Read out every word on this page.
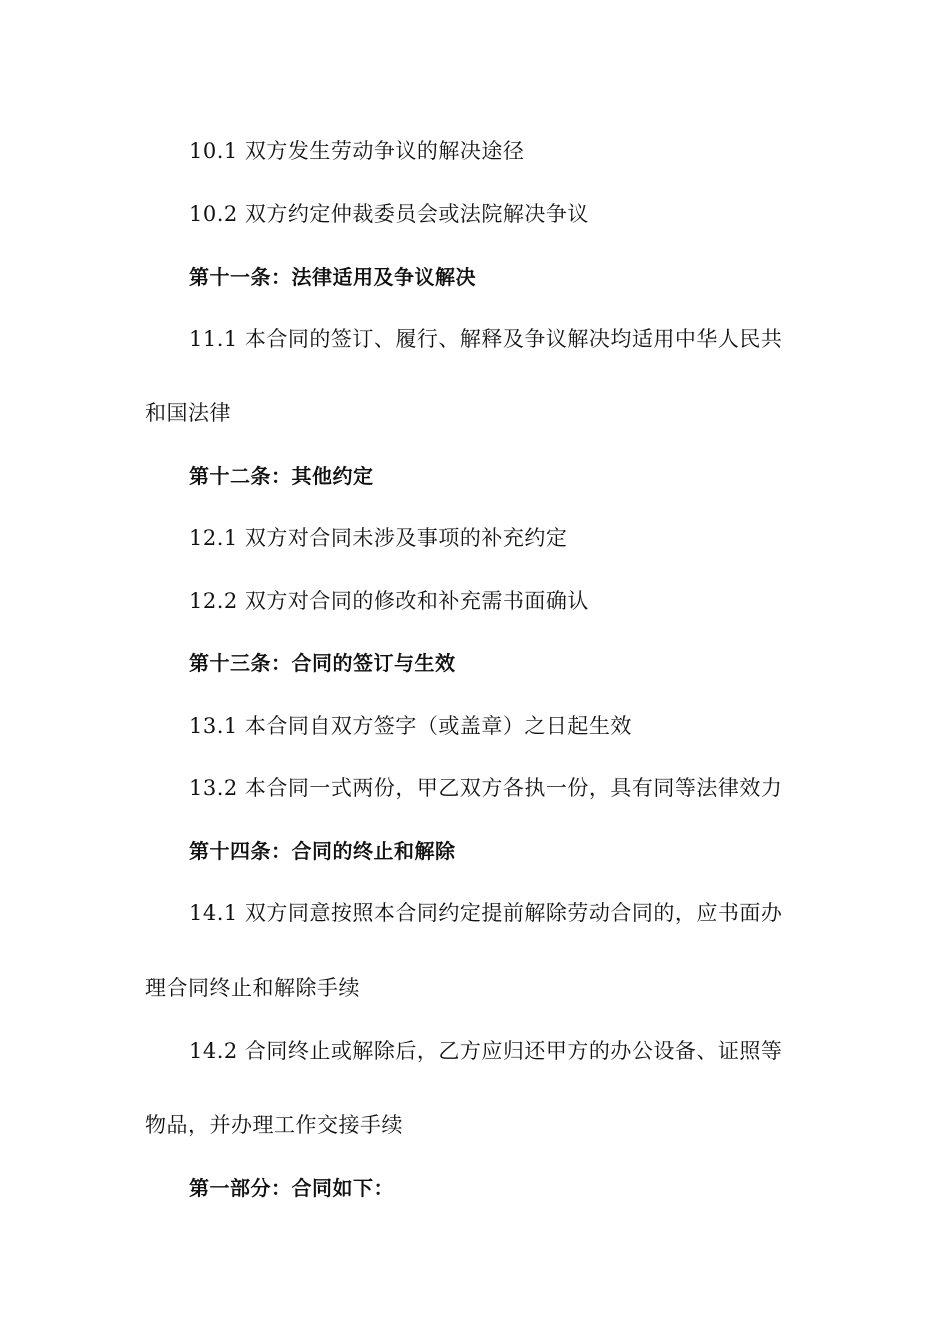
10.1 双方发生劳动争议的解决途径
10.2 双方约定仲裁委员会或法院解决争议
第十一条：法律适用及争议解决
11.1 本合同的签订、履行、解释及争议解决均适用中华人民共
和国法律
第十二条：其他约定
12.1 双方对合同未涉及事项的补充约定
12.2 双方对合同的修改和补充需书面确认
第十三条：合同的签订与生效
13.1 本合同自双方签字（或盖章）之日起生效
13.2 本合同一式两份，甲乙双方各执一份，具有同等法律效力
第十四条：合同的终止和解除
14.1 双方同意按照本合同约定提前解除劳动合同的，应书面办
理合同终止和解除手续
14.2 合同终止或解除后，乙方应归还甲方的办公设备、证照等
物品，并办理工作交接手续
第一部分：合同如下：
